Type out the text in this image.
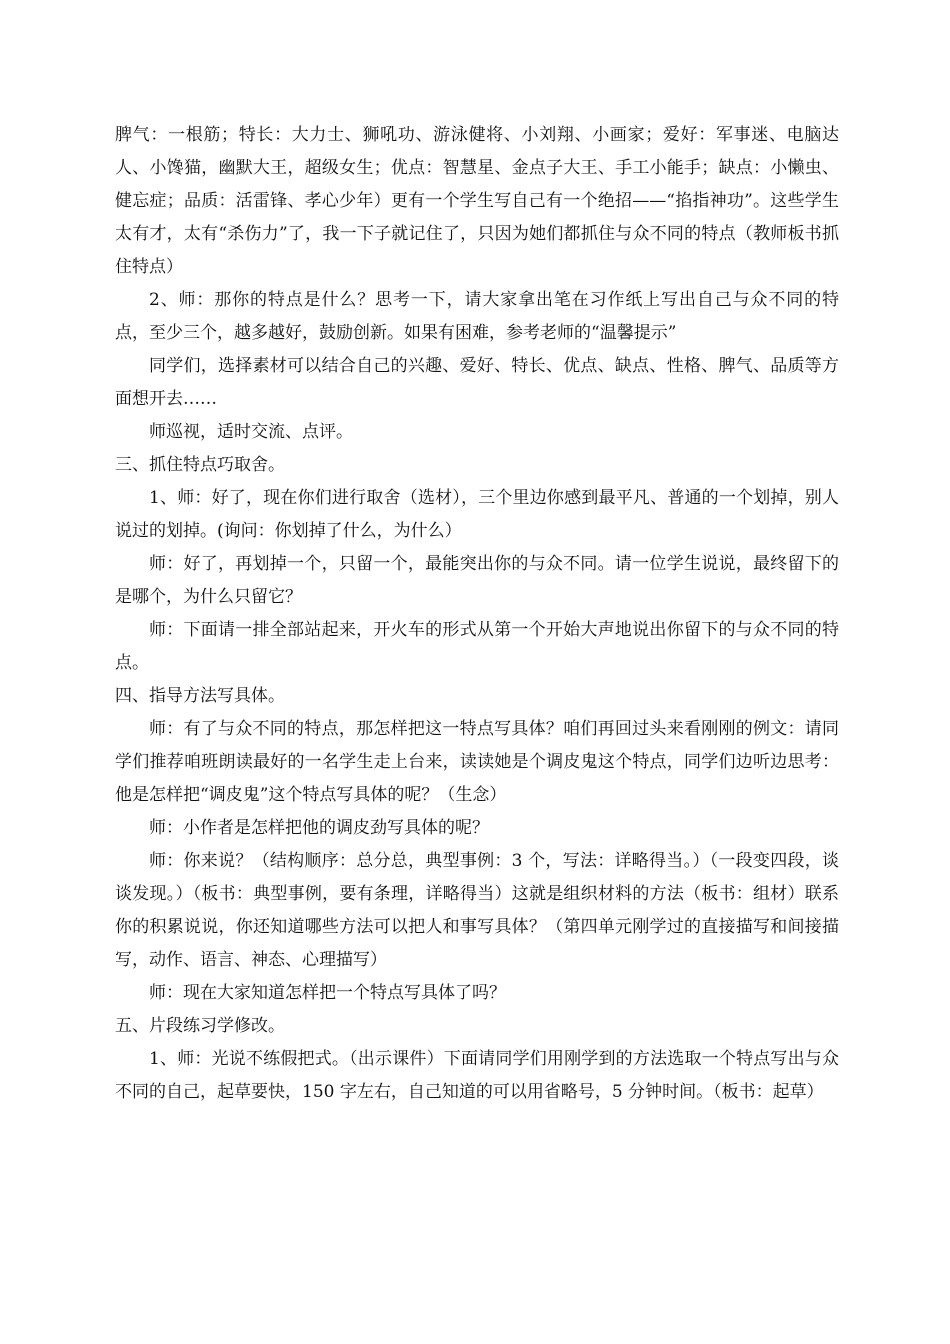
脾气：一根筋；特长：大力士、狮吼功、游泳健将、小刘翔、小画家；爱好：军事迷、电脑达人、小馋猫，幽默大王，超级女生；优点：智慧星、金点子大王、手工小能手；缺点：小懒虫、健忘症；品质：活雷锋、孝心少年）更有一个学生写自己有一个绝招——“掐指神功”。这些学生太有才，太有“杀伤力”了，我一下子就记住了，只因为她们都抓住与众不同的特点（教师板书抓住特点）

2、师：那你的特点是什么？思考一下，请大家拿出笔在习作纸上写出自己与众不同的特点，至少三个，越多越好，鼓励创新。如果有困难，参考老师的“温馨提示”

同学们，选择素材可以结合自己的兴趣、爱好、特长、优点、缺点、性格、脾气、品质等方面想开去……

师巡视，适时交流、点评。

三、抓住特点巧取舍。

1、师：好了，现在你们进行取舍（选材），三个里边你感到最平凡、普通的一个划掉，别人说过的划掉。(询问：你划掉了什么，为什么）

师：好了，再划掉一个，只留一个，最能突出你的与众不同。请一位学生说说，最终留下的是哪个，为什么只留它？

师：下面请一排全部站起来，开火车的形式从第一个开始大声地说出你留下的与众不同的特点。

四、指导方法写具体。

师：有了与众不同的特点，那怎样把这一特点写具体？咱们再回过头来看刚刚的例文：请同学们推荐咱班朗读最好的一名学生走上台来，读读她是个调皮鬼这个特点，同学们边听边思考：他是怎样把“调皮鬼”这个特点写具体的呢？（生念）

师：小作者是怎样把他的调皮劲写具体的呢？

师：你来说？（结构顺序：总分总，典型事例：3 个，写法：详略得当。）（一段变四段，谈谈发现。）（板书：典型事例，要有条理，详略得当）这就是组织材料的方法（板书：组材）联系你的积累说说，你还知道哪些方法可以把人和事写具体？（第四单元刚学过的直接描写和间接描写，动作、语言、神态、心理描写）

师：现在大家知道怎样把一个特点写具体了吗？

五、片段练习学修改。

1、师：光说不练假把式。（出示课件）下面请同学们用刚学到的方法选取一个特点写出与众不同的自己，起草要快，150 字左右，自己知道的可以用省略号，5 分钟时间。（板书：起草）
